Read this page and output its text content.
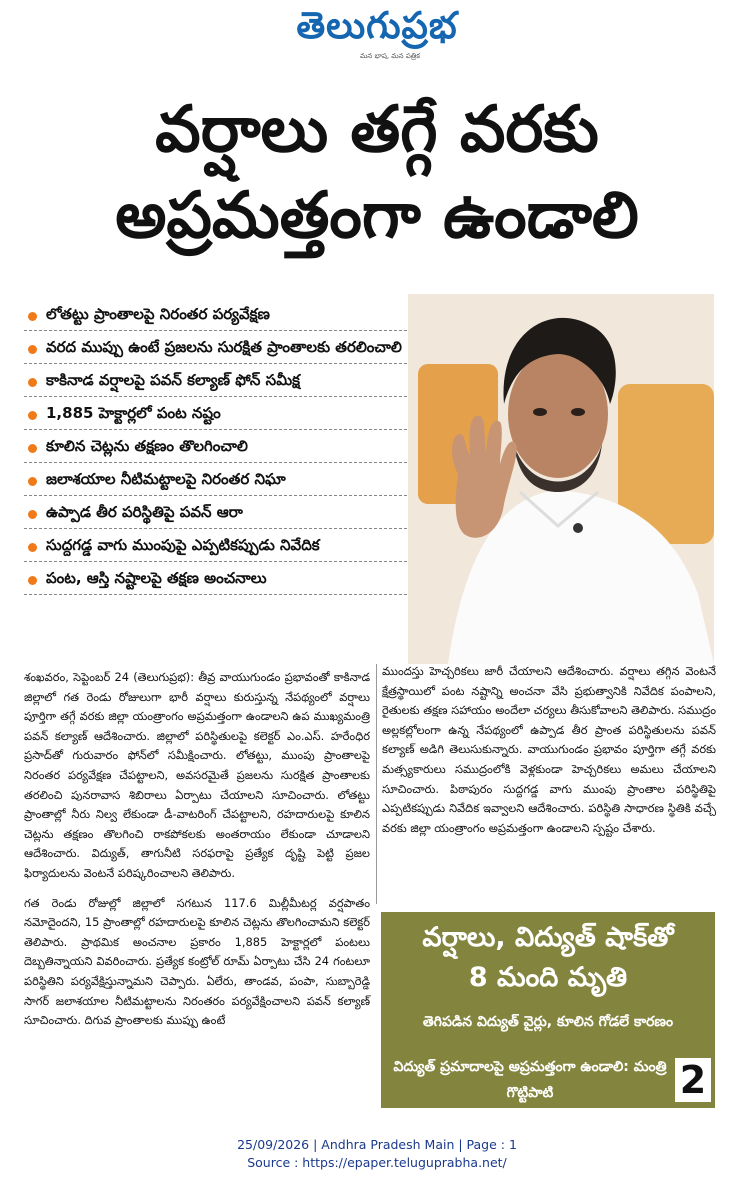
తెలుగుప్రభ
మన భాష, మన పత్రిక
వర్షాలు తగ్గే వరకు
అప్రమత్తంగా ఉండాలి
లోతట్టు ప్రాంతాలపై నిరంతర పర్యవేక్షణ
వరద ముప్పు ఉంటే ప్రజలను సురక్షిత ప్రాంతాలకు తరలించాలి
కాకినాడ వర్షాలపై పవన్ కల్యాణ్ ఫోన్ సమీక్ష
1,885 హెక్టార్లలో పంట నష్టం
కూలిన చెట్లను తక్షణం తొలగించాలి
జలాశయాల నీటిమట్టాలపై నిరంతర నిఘా
ఉప్పాడ తీర పరిస్థితిపై పవన్ ఆరా
సుద్దగడ్డ వాగు ముంపుపై ఎప్పటికప్పుడు నివేదిక
పంట, ఆస్తి నష్టాలపై తక్షణ అంచనాలు

శంఖవరం, సెప్టెంబర్ 24 (తెలుగుప్రభ): తీవ్ర వాయుగుండం ప్రభావంతో కాకినాడ జిల్లాలో గత రెండు రోజులుగా భారీ వర్షాలు కురుస్తున్న నేపథ్యంలో వర్షాలు పూర్తిగా తగ్గే వరకు జిల్లా యంత్రాంగం అప్రమత్తంగా ఉండాలని ఉప ముఖ్యమంత్రి పవన్ కల్యాణ్ ఆదేశించారు. జిల్లాలో పరిస్థితులపై కలెక్టర్ ఎం.ఎస్. హరేంధిర ప్రసాద్‌తో గురువారం ఫోన్‌లో సమీక్షించారు. లోతట్టు, ముంపు ప్రాంతాలపై నిరంతర పర్యవేక్షణ చేపట్టాలని, అవసరమైతే ప్రజలను సురక్షిత ప్రాంతాలకు తరలించి పునరావాస శిబిరాలు ఏర్పాటు చేయాలని సూచించారు. లోతట్టు ప్రాంతాల్లో నీరు నిల్వ లేకుండా డీ-వాటరింగ్ చేపట్టాలని, రహదారులపై కూలిన చెట్లను తక్షణం తొలగించి రాకపోకలకు అంతరాయం లేకుండా చూడాలని ఆదేశించారు. విద్యుత్, తాగునీటి సరఫరాపై ప్రత్యేక దృష్టి పెట్టి ప్రజల ఫిర్యాదులను వెంటనే పరిష్కరించాలని తెలిపారు.

గత రెండు రోజుల్లో జిల్లాలో సగటున 117.6 మిల్లీమీటర్ల వర్షపాతం నమోదైందని, 15 ప్రాంతాల్లో రహదారులపై కూలిన చెట్లను తొలగించామని కలెక్టర్ తెలిపారు. ప్రాథమిక అంచనాల ప్రకారం 1,885 హెక్టార్లలో పంటలు దెబ్బతిన్నాయని వివరించారు. ప్రత్యేక కంట్రోల్ రూమ్ ఏర్పాటు చేసి 24 గంటలూ పరిస్థితిని పర్యవేక్షిస్తున్నామని చెప్పారు. ఏలేరు, తాండవ, పంపా, సుబ్బారెడ్డి సాగర్ జలాశయాల నీటిమట్టాలను నిరంతరం పర్యవేక్షించాలని పవన్ కల్యాణ్ సూచించారు. దిగువ ప్రాంతాలకు ముప్పు ఉంటే

ముందస్తు హెచ్చరికలు జారీ చేయాలని ఆదేశించారు. వర్షాలు తగ్గిన వెంటనే క్షేత్రస్థాయిలో పంట నష్టాన్ని అంచనా వేసి ప్రభుత్వానికి నివేదిక పంపాలని, రైతులకు తక్షణ సహాయం అందేలా చర్యలు తీసుకోవాలని తెలిపారు. సముద్రం అల్లకల్లోలంగా ఉన్న నేపథ్యంలో ఉప్పాడ తీర ప్రాంత పరిస్థితులను పవన్ కల్యాణ్ అడిగి తెలుసుకున్నారు. వాయుగుండం ప్రభావం పూర్తిగా తగ్గే వరకు మత్స్యకారులు సముద్రంలోకి వెళ్లకుండా హెచ్చరికలు అమలు చేయాలని సూచించారు. పిఠాపురం సుద్దగడ్డ వాగు ముంపు ప్రాంతాల పరిస్థితిపై ఎప్పటికప్పుడు నివేదిక ఇవ్వాలని ఆదేశించారు. పరిస్థితి సాధారణ స్థితికి వచ్చే వరకు జిల్లా యంత్రాంగం అప్రమత్తంగా ఉండాలని స్పష్టం చేశారు.

వర్షాలు, విద్యుత్ షాక్‌తో
8 మంది మృతి
తెగిపడిన విద్యుత్ వైర్లు, కూలిన గోడలే కారణం
విద్యుత్ ప్రమాదాలపై అప్రమత్తంగా ఉండాలి: మంత్రి గొట్టిపాటి	2
25/09/2026 | Andhra Pradesh Main | Page : 1
Source : https://epaper.teluguprabha.net/
